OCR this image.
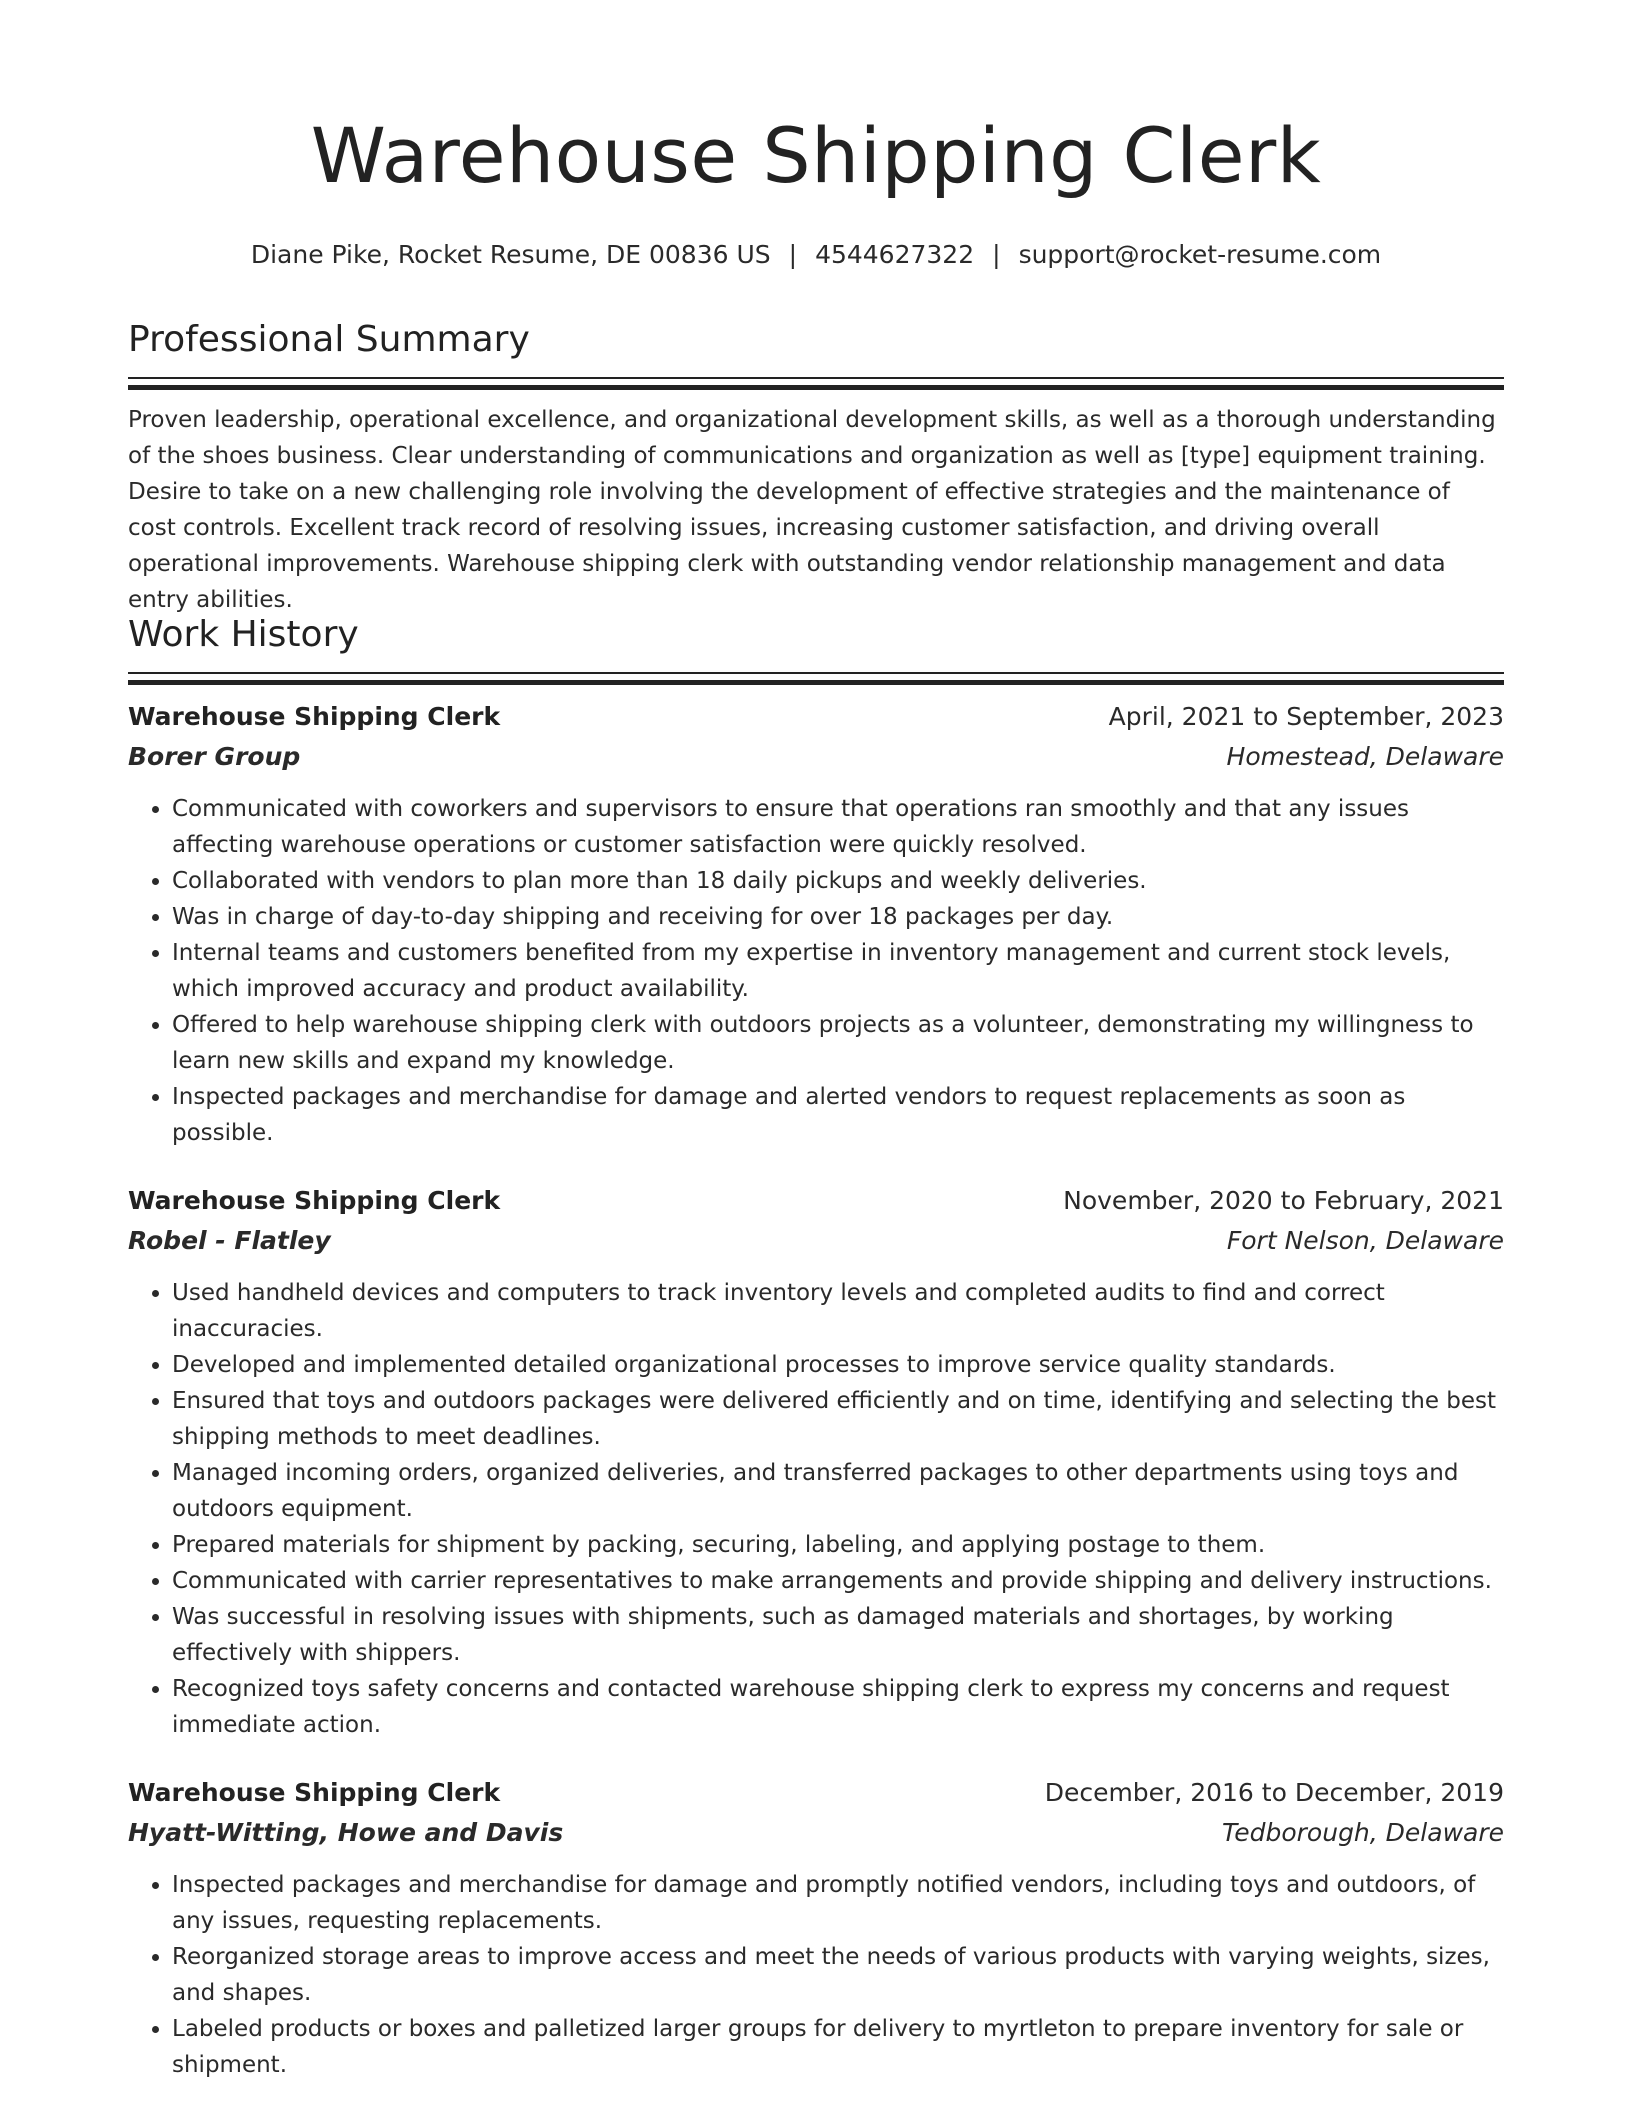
Warehouse Shipping Clerk
Diane Pike, Rocket Resume, DE 00836 US | 4544627322 | support@rocket-resume.com
Professional Summary

Proven leadership, operational excellence, and organizational development skills, as well as a thorough understanding of the shoes business. Clear understanding of communications and organization as well as [type] equipment training. Desire to take on a new challenging role involving the development of effective strategies and the maintenance of cost controls. Excellent track record of resolving issues, increasing customer satisfaction, and driving overall operational improvements. Warehouse shipping clerk with outstanding vendor relationship management and data entry abilities.

Work History
Warehouse Shipping Clerk	April, 2021 to September, 2023
Borer Group	Homestead, Delaware
• Communicated with coworkers and supervisors to ensure that operations ran smoothly and that any issues affecting warehouse operations or customer satisfaction were quickly resolved.
• Collaborated with vendors to plan more than 18 daily pickups and weekly deliveries.
• Was in charge of day-to-day shipping and receiving for over 18 packages per day.
• Internal teams and customers benefited from my expertise in inventory management and current stock levels, which improved accuracy and product availability.
• Offered to help warehouse shipping clerk with outdoors projects as a volunteer, demonstrating my willingness to learn new skills and expand my knowledge.
• Inspected packages and merchandise for damage and alerted vendors to request replacements as soon as possible.
Warehouse Shipping Clerk	November, 2020 to February, 2021
Robel - Flatley	Fort Nelson, Delaware
• Used handheld devices and computers to track inventory levels and completed audits to find and correct inaccuracies.
• Developed and implemented detailed organizational processes to improve service quality standards.
• Ensured that toys and outdoors packages were delivered efficiently and on time, identifying and selecting the best shipping methods to meet deadlines.
• Managed incoming orders, organized deliveries, and transferred packages to other departments using toys and outdoors equipment.
• Prepared materials for shipment by packing, securing, labeling, and applying postage to them.
• Communicated with carrier representatives to make arrangements and provide shipping and delivery instructions.
• Was successful in resolving issues with shipments, such as damaged materials and shortages, by working effectively with shippers.
• Recognized toys safety concerns and contacted warehouse shipping clerk to express my concerns and request immediate action.
Warehouse Shipping Clerk	December, 2016 to December, 2019
Hyatt-Witting, Howe and Davis	Tedborough, Delaware
• Inspected packages and merchandise for damage and promptly notified vendors, including toys and outdoors, of any issues, requesting replacements.
• Reorganized storage areas to improve access and meet the needs of various products with varying weights, sizes, and shapes.
• Labeled products or boxes and palletized larger groups for delivery to myrtleton to prepare inventory for sale or shipment.
